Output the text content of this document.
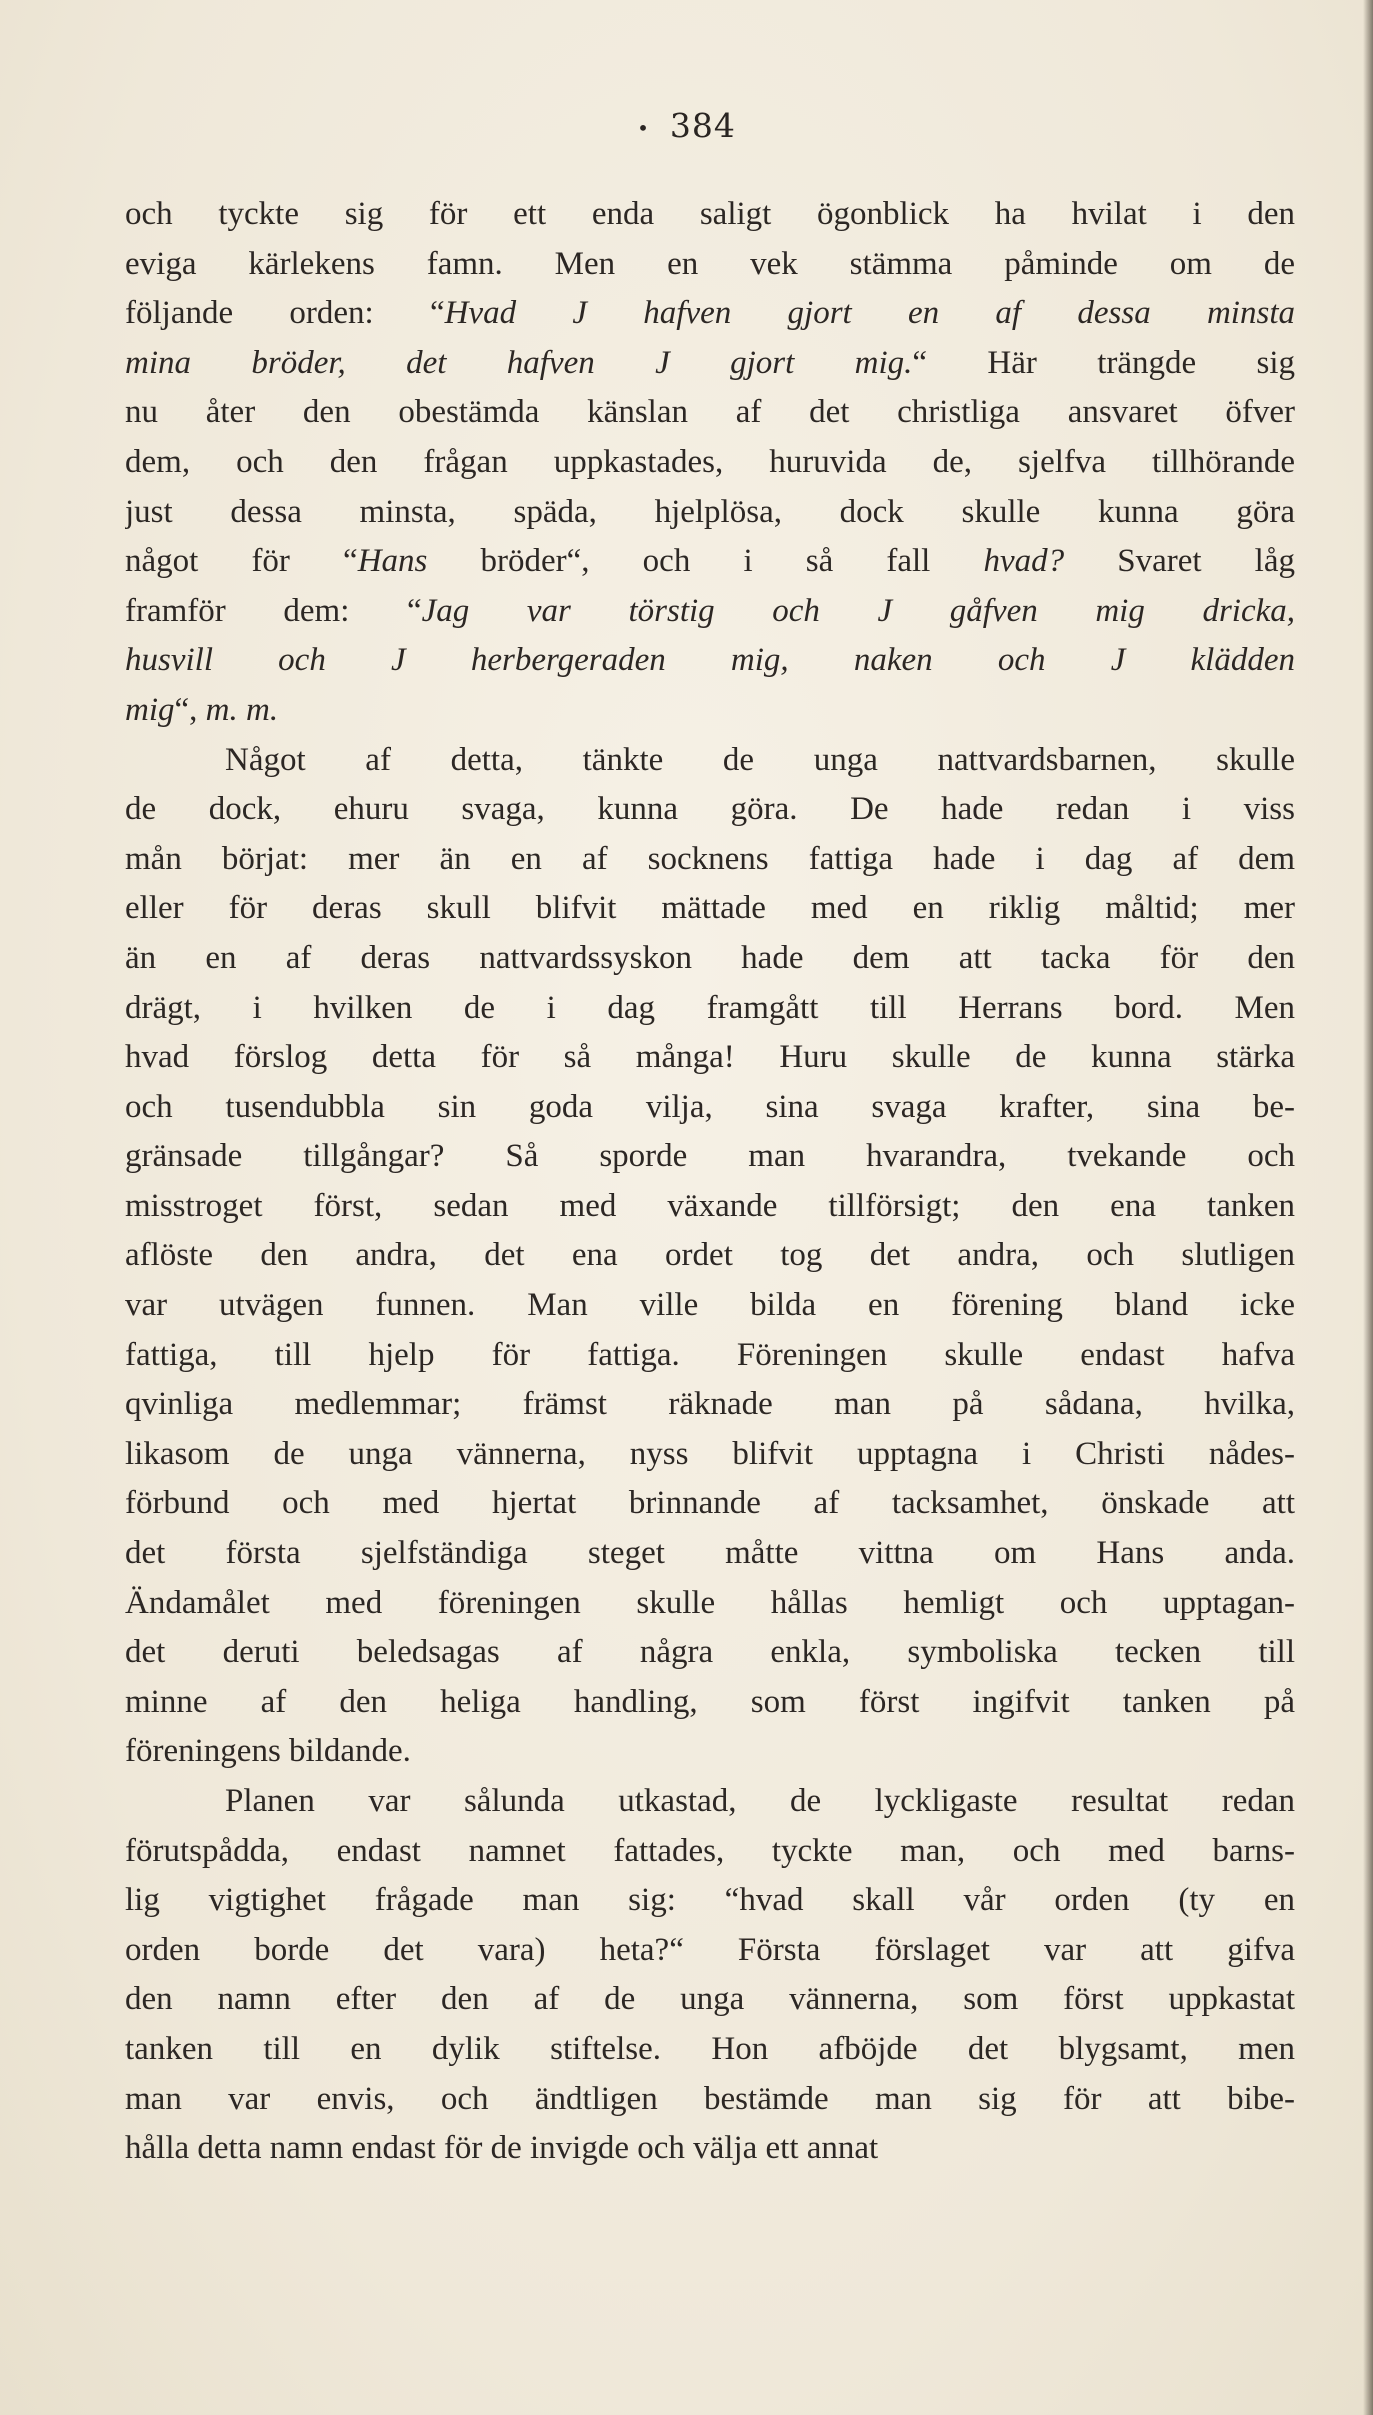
• 384
och tyckte sig för ett enda saligt ögonblick ha hvilat i den
eviga kärlekens famn. Men en vek stämma påminde om de
följande orden: “Hvad J hafven gjort en af dessa minsta
mina bröder, det hafven J gjort mig.“ Här trängde sig
nu åter den obestämda känslan af det christliga ansvaret öfver
dem, och den frågan uppkastades, huruvida de, sjelfva tillhörande
just dessa minsta, späda, hjelplösa, dock skulle kunna göra
något för “Hans bröder“, och i så fall hvad? Svaret låg
framför dem: “Jag var törstig och J gåfven mig dricka,
husvill och J herbergeraden mig, naken och J klädden
mig“, m. m.
Något af detta, tänkte de unga nattvardsbarnen, skulle
de dock, ehuru svaga, kunna göra. De hade redan i viss
mån börjat: mer än en af socknens fattiga hade i dag af dem
eller för deras skull blifvit mättade med en riklig måltid; mer
än en af deras nattvardssyskon hade dem att tacka för den
drägt, i hvilken de i dag framgått till Herrans bord. Men
hvad förslog detta för så många! Huru skulle de kunna stärka
och tusendubbla sin goda vilja, sina svaga krafter, sina be-
gränsade tillgångar? Så sporde man hvarandra, tvekande och
misstroget först, sedan med växande tillförsigt; den ena tanken
aflöste den andra, det ena ordet tog det andra, och slutligen
var utvägen funnen. Man ville bilda en förening bland icke
fattiga, till hjelp för fattiga. Föreningen skulle endast hafva
qvinliga medlemmar; främst räknade man på sådana, hvilka,
likasom de unga vännerna, nyss blifvit upptagna i Christi nådes-
förbund och med hjertat brinnande af tacksamhet, önskade att
det första sjelfständiga steget måtte vittna om Hans anda.
Ändamålet med föreningen skulle hållas hemligt och upptagan-
det deruti beledsagas af några enkla, symboliska tecken till
minne af den heliga handling, som först ingifvit tanken på
föreningens bildande.
Planen var sålunda utkastad, de lyckligaste resultat redan
förutspådda, endast namnet fattades, tyckte man, och med barns-
lig vigtighet frågade man sig: “hvad skall vår orden (ty en
orden borde det vara) heta?“ Första förslaget var att gifva
den namn efter den af de unga vännerna, som först uppkastat
tanken till en dylik stiftelse. Hon afböjde det blygsamt, men
man var envis, och ändtligen bestämde man sig för att bibe-
hålla detta namn endast för de invigde och välja ett annat
